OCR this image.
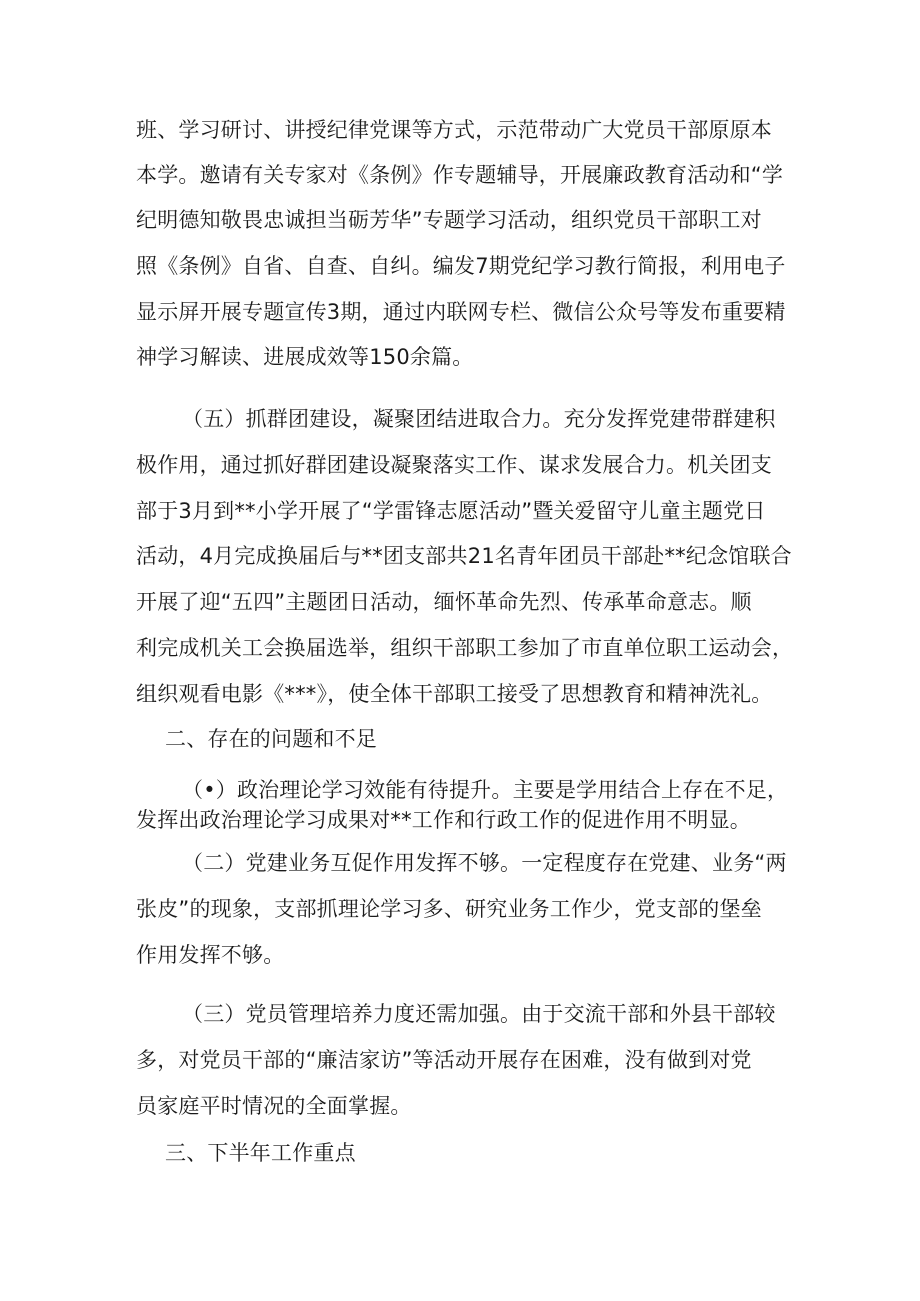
班、学习研讨、讲授纪律党课等方式，示范带动广大党员干部原原本
本学。邀请有关专家对《条例》作专题辅导，开展廉政教育活动和“学
纪明德知敬畏忠诚担当砺芳华”专题学习活动，组织党员干部职工对
照《条例》自省、自查、自纠。编发7期党纪学习教行简报，利用电子
显示屏开展专题宣传3期，通过内联网专栏、微信公众号等发布重要精
神学习解读、进展成效等150余篇。
（五）抓群团建设，凝聚团结进取合力。充分发挥党建带群建积
极作用，通过抓好群团建设凝聚落实工作、谋求发展合力。机关团支
部于3月到**小学开展了“学雷锋志愿活动”暨关爱留守儿童主题党日
活动，4月完成换届后与**团支部共21名青年团员干部赴**纪念馆联合
开展了迎“五四”主题团日活动，缅怀革命先烈、传承革命意志。顺
利完成机关工会换届选举，组织干部职工参加了市直单位职工运动会，
组织观看电影《***》，使全体干部职工接受了思想教育和精神洗礼。
二、存在的问题和不足
（•）政治理论学习效能有待提升。主要是学用结合上存在不足，
发挥出政治理论学习成果对**工作和行政工作的促进作用不明显。
（二）党建业务互促作用发挥不够。一定程度存在党建、业务“两
张皮”的现象，支部抓理论学习多、研究业务工作少，党支部的堡垒
作用发挥不够。
（三）党员管理培养力度还需加强。由于交流干部和外县干部较
多，对党员干部的“廉洁家访”等活动开展存在困难，没有做到对党
员家庭平时情况的全面掌握。
三、下半年工作重点
